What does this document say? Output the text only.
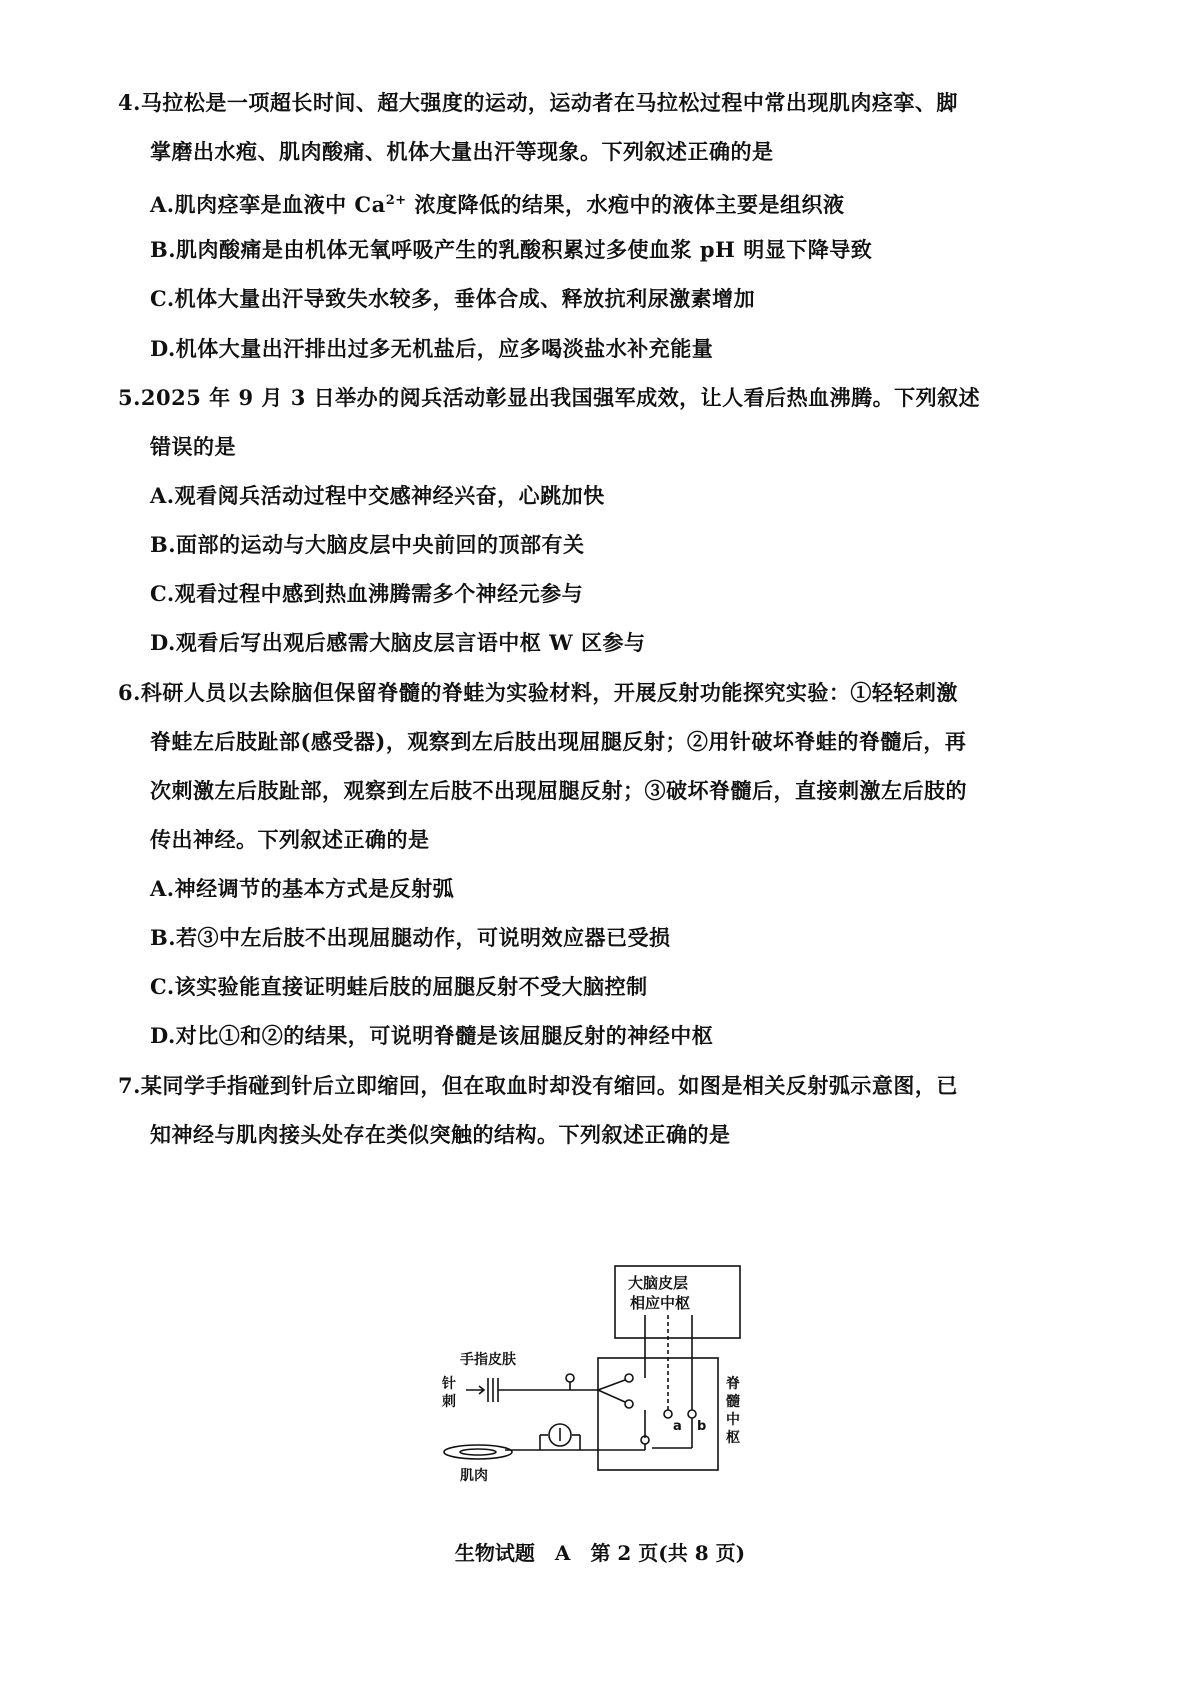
4.马拉松是一项超长时间、超大强度的运动，运动者在马拉松过程中常出现肌肉痉挛、脚
掌磨出水疱、肌肉酸痛、机体大量出汗等现象。下列叙述正确的是
A.肌肉痉挛是血液中 $Ca^{2+}$ 浓度降低的结果，水疱中的液体主要是组织液
B.肌肉酸痛是由机体无氧呼吸产生的乳酸积累过多使血浆 pH 明显下降导致
C.机体大量出汗导致失水较多，垂体合成、释放抗利尿激素增加
D.机体大量出汗排出过多无机盐后，应多喝淡盐水补充能量
5.2025 年 9 月 3 日举办的阅兵活动彰显出我国强军成效，让人看后热血沸腾。下列叙述
错误的是
A.观看阅兵活动过程中交感神经兴奋，心跳加快
B.面部的运动与大脑皮层中央前回的顶部有关
C.观看过程中感到热血沸腾需多个神经元参与
D.观看后写出观后感需大脑皮层言语中枢 W 区参与
6.科研人员以去除脑但保留脊髓的脊蛙为实验材料，开展反射功能探究实验：①轻轻刺激
脊蛙左后肢趾部(感受器)，观察到左后肢出现屈腿反射；②用针破坏脊蛙的脊髓后，再
次刺激左后肢趾部，观察到左后肢不出现屈腿反射；③破坏脊髓后，直接刺激左后肢的
传出神经。下列叙述正确的是
A.神经调节的基本方式是反射弧
B.若③中左后肢不出现屈腿动作，可说明效应器已受损
C.该实验能直接证明蛙后肢的屈腿反射不受大脑控制
D.对比①和②的结果，可说明脊髓是该屈腿反射的神经中枢
7.某同学手指碰到针后立即缩回，但在取血时却没有缩回。如图是相关反射弧示意图，已
知神经与肌肉接头处存在类似突触的结构。下列叙述正确的是
大脑皮层
相应中枢
手指皮肤
针
刺
肌肉
脊
髓
中
枢
a b
生物试题　A　第 2 页(共 8 页)
